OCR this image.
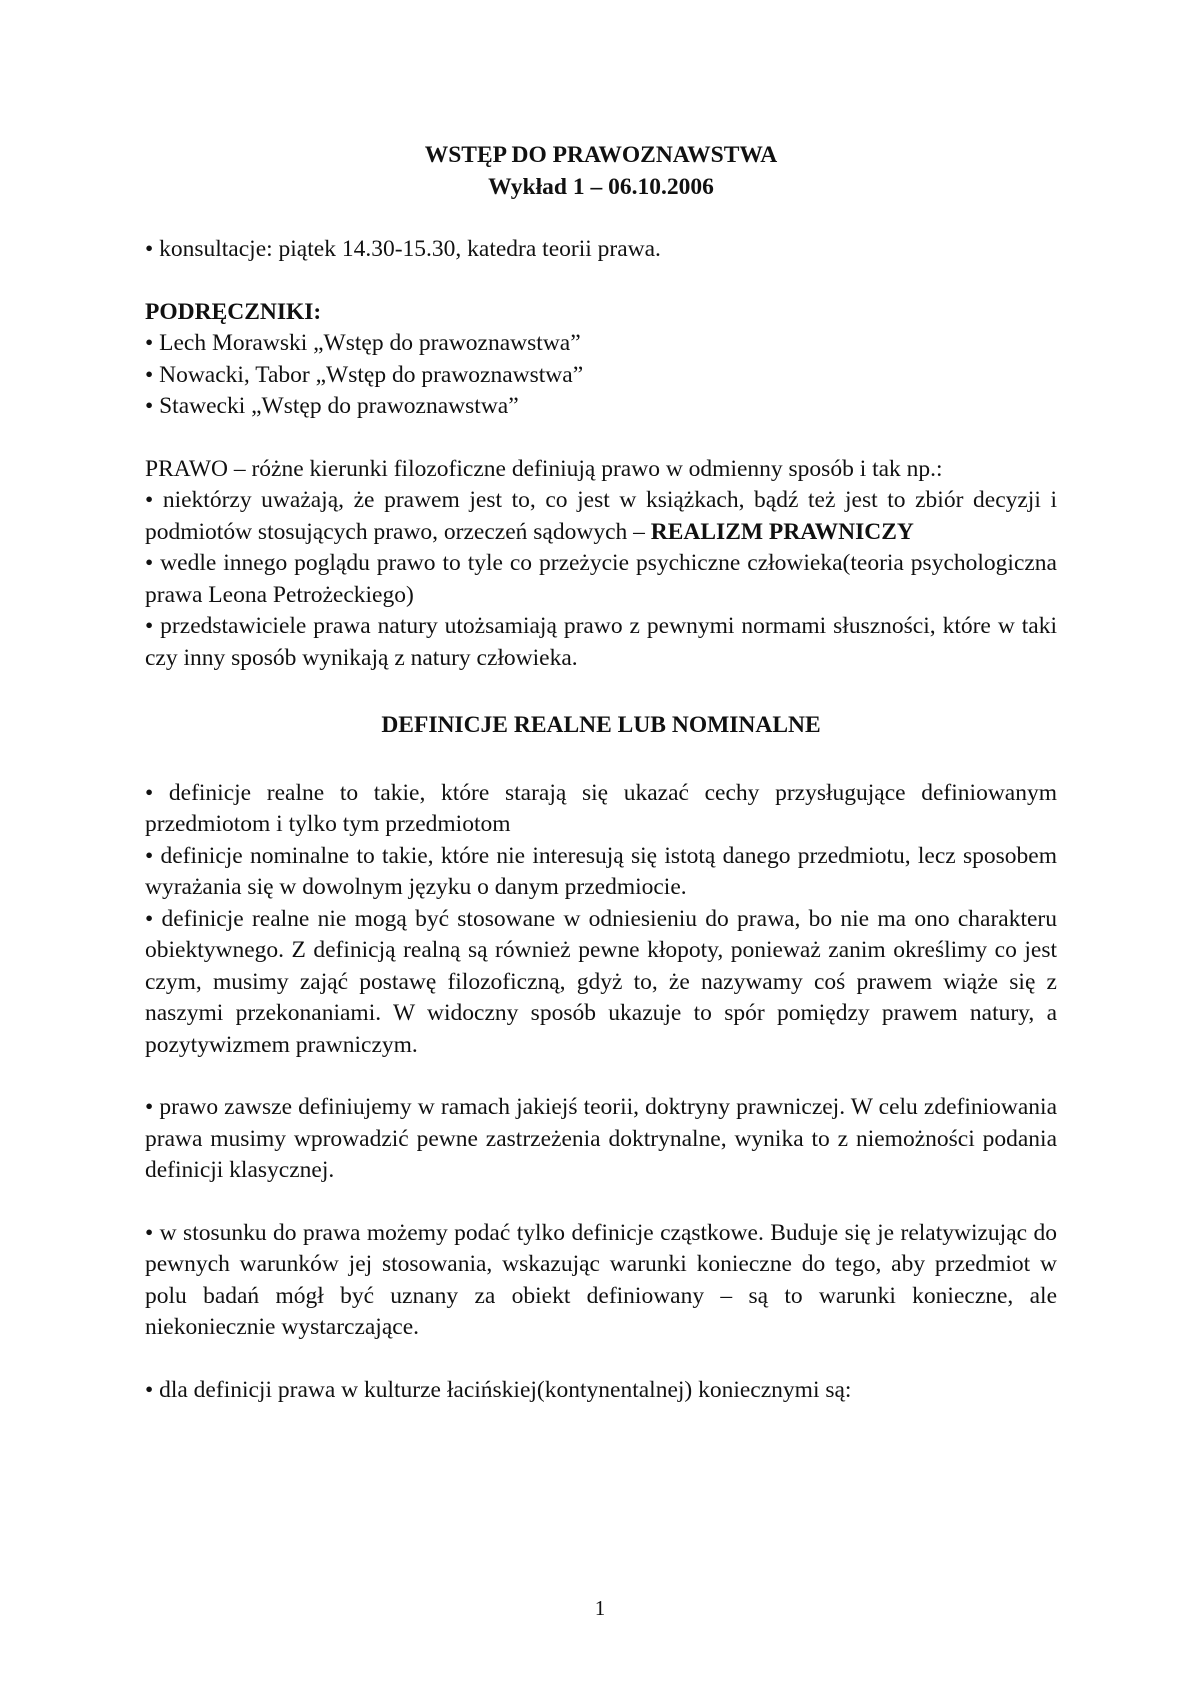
WSTĘP DO PRAWOZNAWSTWA

Wykład 1 – 06.10.2006

• konsultacje: piątek 14.30-15.30, katedra teorii prawa.

PODRĘCZNIKI:

• Lech Morawski „Wstęp do prawoznawstwa”

• Nowacki, Tabor „Wstęp do prawoznawstwa”

• Stawecki „Wstęp do prawoznawstwa”

PRAWO – różne kierunki filozoficzne definiują prawo w odmienny sposób i tak np.:

• niektórzy uważają, że prawem jest to, co jest w książkach, bądź też jest to zbiór decyzji i podmiotów stosujących prawo, orzeczeń sądowych – REALIZM PRAWNICZY

• wedle innego poglądu prawo to tyle co przeżycie psychiczne człowieka(teoria psychologiczna prawa Leona Petrożeckiego)

• przedstawiciele prawa natury utożsamiają prawo z pewnymi normami słuszności, które w taki czy inny sposób wynikają z natury człowieka.

DEFINICJE REALNE LUB NOMINALNE

• definicje realne to takie, które starają się ukazać cechy przysługujące definiowanym przedmiotom i tylko tym przedmiotom

• definicje nominalne to takie, które nie interesują się istotą danego przedmiotu, lecz sposobem wyrażania się w dowolnym języku o danym przedmiocie.

• definicje realne nie mogą być stosowane w odniesieniu do prawa, bo nie ma ono charakteru obiektywnego. Z definicją realną są również pewne kłopoty, ponieważ zanim określimy co jest czym, musimy zająć postawę filozoficzną, gdyż to, że nazywamy coś prawem wiąże się z naszymi przekonaniami. W widoczny sposób ukazuje to spór pomiędzy prawem natury, a pozytywizmem prawniczym.

• prawo zawsze definiujemy w ramach jakiejś teorii, doktryny prawniczej. W celu zdefiniowania prawa musimy wprowadzić pewne zastrzeżenia doktrynalne, wynika to z niemożności podania definicji klasycznej.

• w stosunku do prawa możemy podać tylko definicje cząstkowe. Buduje się je relatywizując do pewnych warunków jej stosowania, wskazując warunki konieczne do tego, aby przedmiot w polu badań mógł być uznany za obiekt definiowany – są to warunki konieczne, ale niekoniecznie wystarczające.

• dla definicji prawa w kulturze łacińskiej(kontynentalnej) koniecznymi są:

1
